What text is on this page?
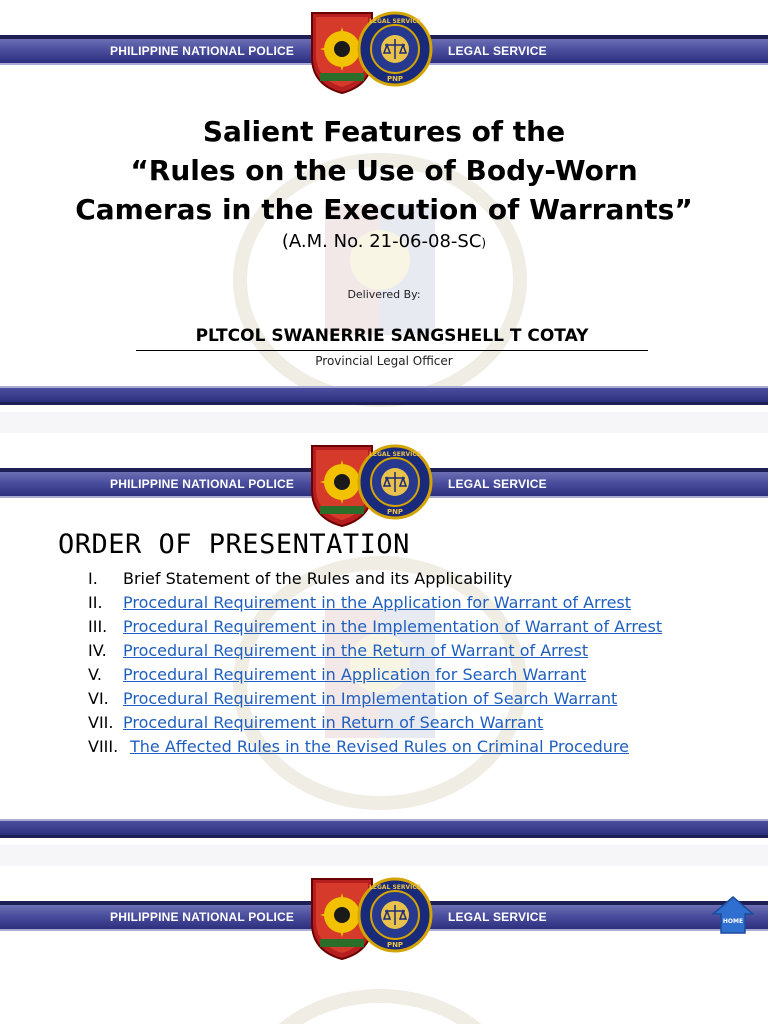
PHILIPPINE NATIONAL POLICE	LEGAL SERVICE
PNP
LEGAL SERVICE
Salient Features of the
“Rules on the Use of Body-Worn
Cameras in the Execution of Warrants”
(A.M. No. 21-06-08-SC)
Delivered By:
PLTCOL SWANERRIE SANGSHELL T COTAY
Provincial Legal Officer
PHILIPPINE NATIONAL POLICE	LEGAL SERVICE
PNP
LEGAL SERVICE
ORDER OF PRESENTATION
I. Brief Statement of the Rules and its Applicability
II. Procedural Requirement in the Application for Warrant of Arrest
III. Procedural Requirement in the Implementation of Warrant of Arrest
IV. Procedural Requirement in the Return of Warrant of Arrest
V. Procedural Requirement in Application for Search Warrant
VI. Procedural Requirement in Implementation of Search Warrant
VII. Procedural Requirement in Return of Search Warrant
VIII. The Affected Rules in the Revised Rules on Criminal Procedure
PHILIPPINE NATIONAL POLICE	LEGAL SERVICE
PNP
LEGAL SERVICE
HOME
